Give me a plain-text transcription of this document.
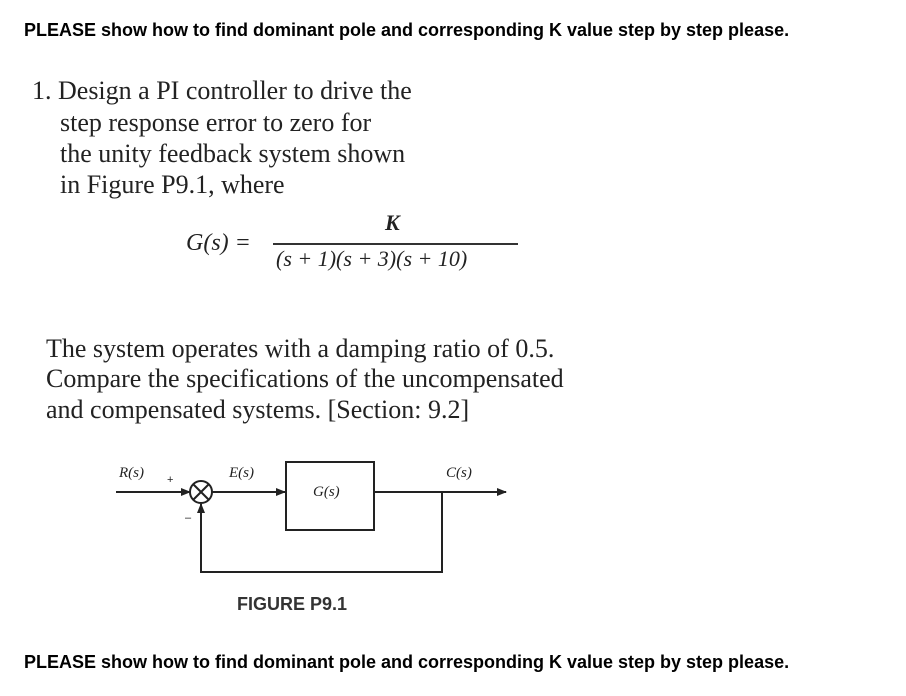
PLEASE show how to find dominant pole and corresponding K value step by step please.
1. Design a PI controller to drive the
step response error to zero for
the unity feedback system shown
in Figure P9.1, where
G(s) =
K
(s + 1)(s + 3)(s + 10)
The system operates with a damping ratio of 0.5.
Compare the specifications of the uncompensated
and compensated systems. [Section: 9.2]
R(s) +
–
E(s)
G(s)
C(s)
FIGURE P9.1
PLEASE show how to find dominant pole and corresponding K value step by step please.
